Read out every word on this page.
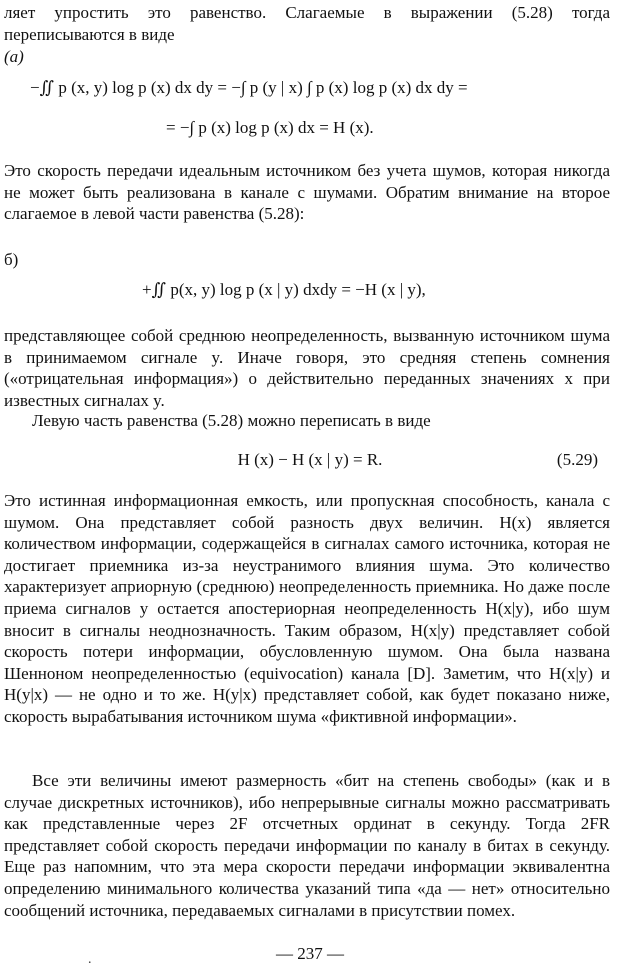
ляет упростить это равенство. Слагаемые в выражении (5.28) тогда переписываются в виде

(а)

−∬ p (x, y) log p (x) dx dy = −∫ p (y | x) ∫ p (x) log p (x) dx dy =

= −∫ p (x) log p (x) dx = H (x).

Это скорость передачи идеальным источником без учета шумов, которая никогда не может быть реализована в канале с шумами. Обратим внимание на второе слагаемое в левой части равенства (5.28):

б)

+∬ p(x, y) log p (x | y) dxdy = −H (x | y),

представляющее собой среднюю неопределенность, вызванную источником шума в принимаемом сигнале y. Иначе говоря, это средняя степень сомнения («отрицательная информация») о действительно переданных значениях x при известных сигналах y.

Левую часть равенства (5.28) можно переписать в виде

H (x) − H (x | y) = R.	(5.29)

Это истинная информационная емкость, или пропускная способность, канала с шумом. Она представляет собой разность двух величин. H(x) является количеством информации, содержащейся в сигналах самого источника, которая не достигает приемника из-за неустранимого влияния шума. Это количество характеризует априорную (среднюю) неопределенность приемника. Но даже после приема сигналов y остается апостериорная неопределенность H(x|y), ибо шум вносит в сигналы неоднозначность. Таким образом, H(x|y) представляет собой скорость потери информации, обусловленную шумом. Она была названа Шенноном неопределенностью (equivocation) канала [D]. Заметим, что H(x|y) и H(y|x) — не одно и то же. H(y|x) представляет собой, как будет показано ниже, скорость вырабатывания источником шума «фиктивной информации».

Все эти величины имеют размерность «бит на степень свободы» (как и в случае дискретных источников), ибо непрерывные сигналы можно рассматривать как представленные через 2F отсчетных ординат в секунду. Тогда 2FR представляет собой скорость передачи информации по каналу в битах в секунду. Еще раз напомним, что эта мера скорости передачи информации эквивалентна определению минимального количества указаний типа «да — нет» относительно сообщений источника, передаваемых сигналами в присутствии помех.

.	— 237 —
